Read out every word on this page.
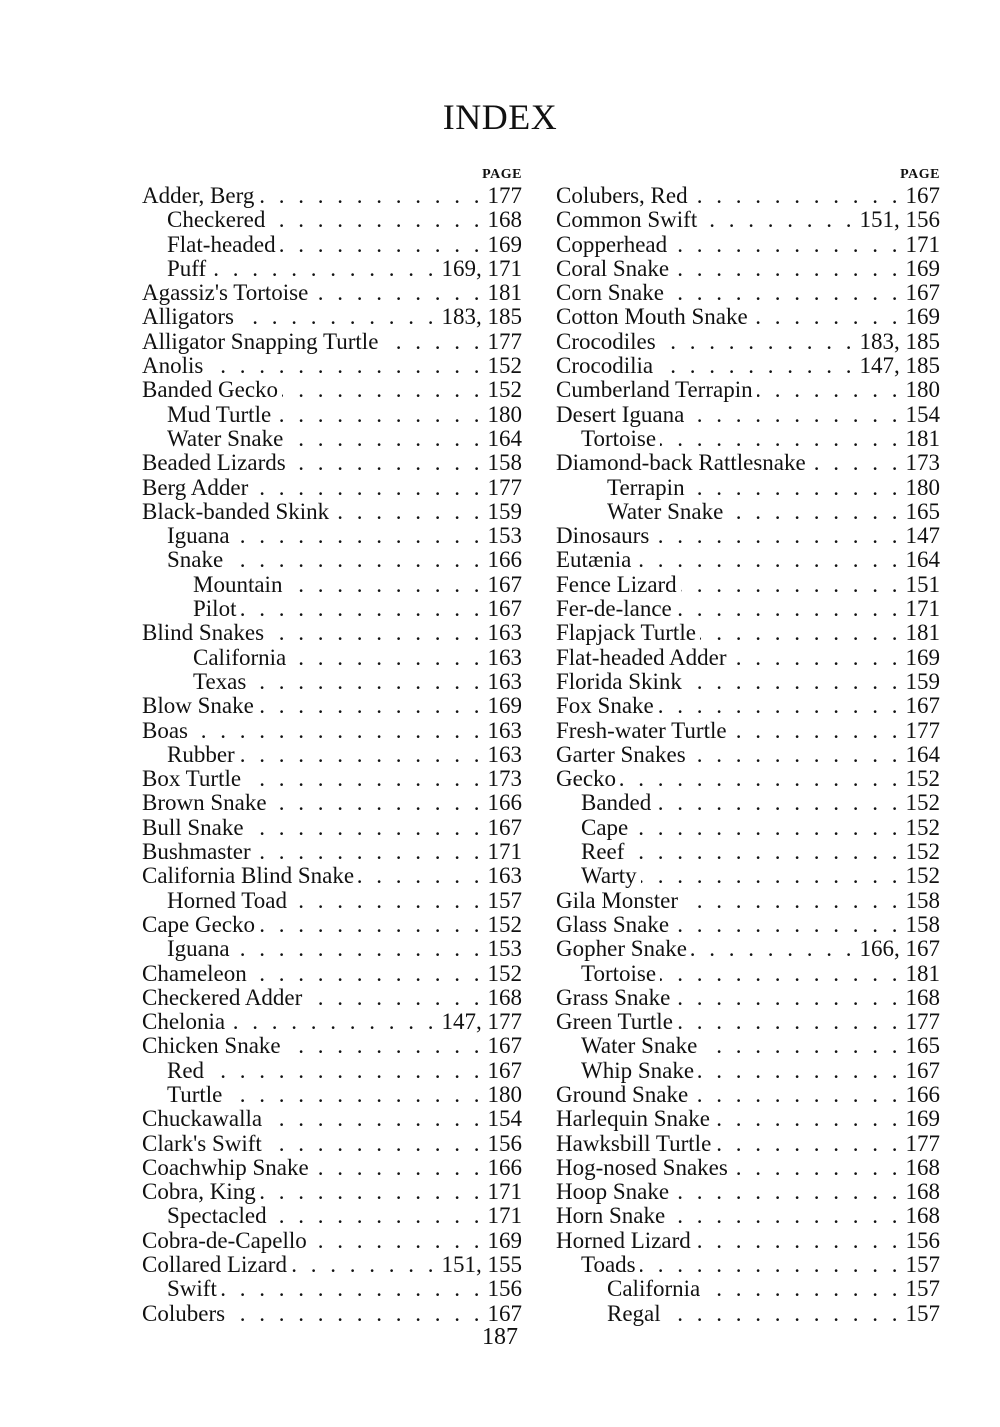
INDEX
PAGE
Adder, Berg . . .	177
Checkered . . .	168
Flat-headed . . .	169
Puff . . .	169, 171
Agassiz's Tortoise . . .	181
Alligators . . .	183, 185
Alligator Snapping Turtle . . .	177
Anolis . . .	152
Banded Gecko . . .	152
Mud Turtle . . .	180
Water Snake . . .	164
Beaded Lizards . . .	158
Berg Adder . . .	177
Black-banded Skink . . .	159
Iguana . . .	153
Snake . . .	166
Mountain . . .	167
Pilot . . .	167
Blind Snakes . . .	163
California . . .	163
Texas . . .	163
Blow Snake . . .	169
Boas . . .	163
Rubber . . .	163
Box Turtle . . .	173
Brown Snake . . .	166
Bull Snake . . .	167
Bushmaster . . .	171
California Blind Snake . . .	163
Horned Toad . . .	157
Cape Gecko . . .	152
Iguana . . .	153
Chameleon . . .	152
Checkered Adder . . .	168
Chelonia . . .	147, 177
Chicken Snake . . .	167
Red . . .	167
Turtle . . .	180
Chuckawalla . . .	154
Clark's Swift . . .	156
Coachwhip Snake . . .	166
Cobra, King . . .	171
Spectacled . . .	171
Cobra-de-Capello . . .	169
Collared Lizard . . .	151, 155
Swift . . .	156
Colubers . . .	167
PAGE
Colubers, Red . . .	167
Common Swift . . .	151, 156
Copperhead . . .	171
Coral Snake . . .	169
Corn Snake . . .	167
Cotton Mouth Snake . . .	169
Crocodiles . . .	183, 185
Crocodilia . . .	147, 185
Cumberland Terrapin . . .	180
Desert Iguana . . .	154
Tortoise . . .	181
Diamond-back Rattlesnake . . .	173
Terrapin . . .	180
Water Snake . . .	165
Dinosaurs . . .	147
Eutænia . . .	164
Fence Lizard . . .	151
Fer-de-lance . . .	171
Flapjack Turtle . . .	181
Flat-headed Adder . . .	169
Florida Skink . . .	159
Fox Snake . . .	167
Fresh-water Turtle . . .	177
Garter Snakes . . .	164
Gecko . . .	152
Banded . . .	152
Cape . . .	152
Reef . . .	152
Warty . . .	152
Gila Monster . . .	158
Glass Snake . . .	158
Gopher Snake . . .	166, 167
Tortoise . . .	181
Grass Snake . . .	168
Green Turtle . . .	177
Water Snake . . .	165
Whip Snake . . .	167
Ground Snake . . .	166
Harlequin Snake . . .	169
Hawksbill Turtle . . .	177
Hog-nosed Snakes . . .	168
Hoop Snake . . .	168
Horn Snake . . .	168
Horned Lizard . . .	156
Toads . . .	157
California . . .	157
Regal . . .	157
187
